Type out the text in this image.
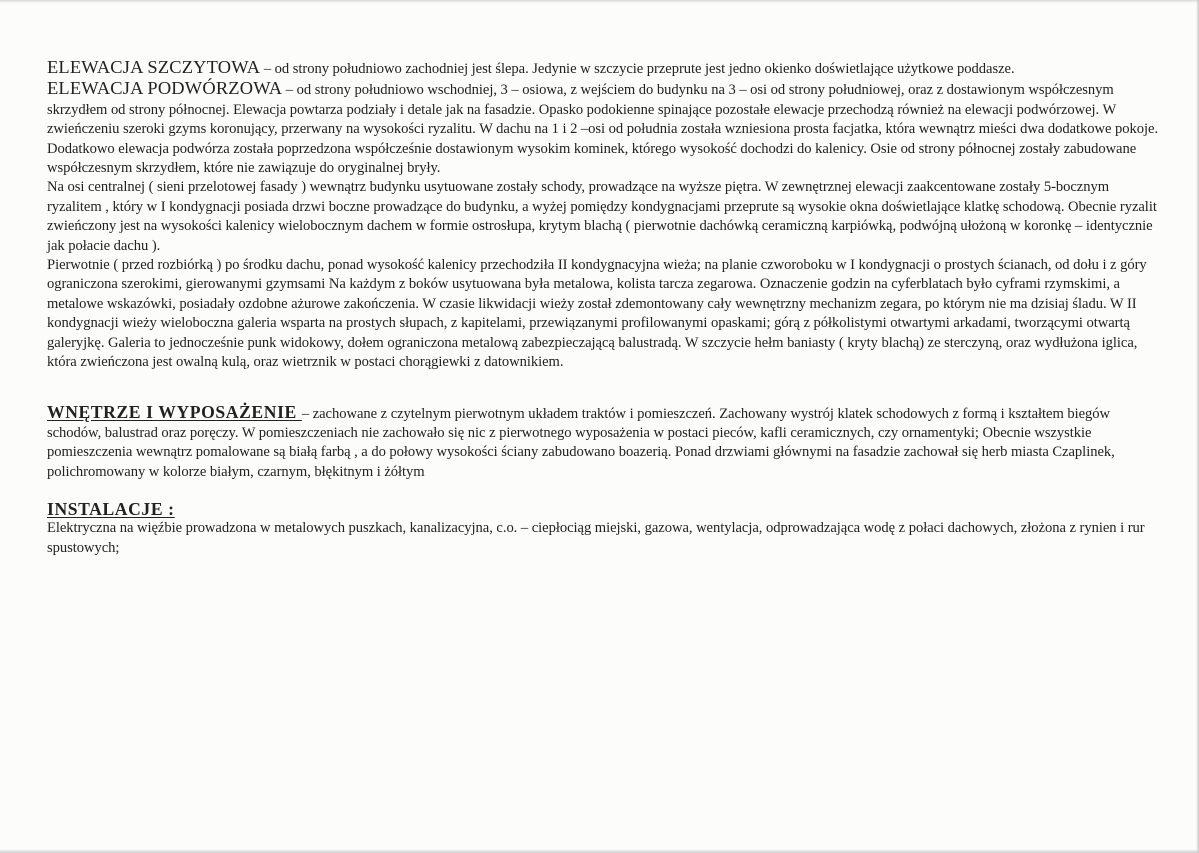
ELEWACJA SZCZYTOWA – od strony południowo zachodniej jest ślepa. Jedynie w szczycie przeprute jest jedno okienko doświetlające użytkowe poddasze.

ELEWACJA PODWÓRZOWA – od strony południowo wschodniej, 3 – osiowa, z wejściem do budynku na 3 – osi od strony południowej, oraz z dostawionym współczesnym skrzydłem od strony północnej. Elewacja powtarza podziały i detale jak na fasadzie. Opasko podokienne spinające pozostałe elewacje przechodzą również na elewacji podwórzowej. W zwieńczeniu szeroki gzyms koronujący, przerwany na wysokości ryzalitu. W dachu na 1 i 2 –osi od południa została wzniesiona prosta facjatka, która wewnątrz mieści dwa dodatkowe pokoje. Dodatkowo elewacja podwórza została poprzedzona współcześnie dostawionym wysokim kominek, którego wysokość dochodzi do kalenicy. Osie od strony północnej zostały zabudowane współczesnym skrzydłem, które nie zawiązuje do oryginalnej bryły.

Na osi centralnej ( sieni przelotowej fasady ) wewnątrz budynku usytuowane zostały schody, prowadzące na wyższe piętra. W zewnętrznej elewacji zaakcentowane zostały 5-bocznym ryzalitem , który w I kondygnacji posiada drzwi boczne prowadzące do budynku, a wyżej pomiędzy kondygnacjami przeprute są wysokie okna doświetlające klatkę schodową. Obecnie ryzalit zwieńczony jest na wysokości kalenicy wielobocznym dachem w formie ostrosłupa, krytym blachą ( pierwotnie dachówką ceramiczną karpiówką, podwójną ułożoną w koronkę – identycznie jak połacie dachu ).

Pierwotnie ( przed rozbiórką ) po środku dachu, ponad wysokość kalenicy przechodziła II kondygnacyjna wieża; na planie czworoboku w I kondygnacji o prostych ścianach, od dołu i z góry ograniczona szerokimi, gierowanymi gzymsami Na każdym z boków usytuowana była metalowa, kolista tarcza zegarowa. Oznaczenie godzin na cyferblatach było cyframi rzymskimi, a metalowe wskazówki, posiadały ozdobne ażurowe zakończenia. W czasie likwidacji wieży został zdemontowany cały wewnętrzny mechanizm zegara, po którym nie ma dzisiaj śladu. W II kondygnacji wieży wieloboczna galeria wsparta na prostych słupach, z kapitelami, przewiązanymi profilowanymi opaskami; górą z półkolistymi otwartymi arkadami, tworzącymi otwartą galeryjkę. Galeria to jednocześnie punk widokowy, dołem ograniczona metalową zabezpieczającą balustradą. W szczycie hełm baniasty ( kryty blachą) ze sterczyną, oraz wydłużona iglica, która zwieńczona jest owalną kulą, oraz wietrznik w postaci chorągiewki z datownikiem.

WNĘTRZE I WYPOSAŻENIE – zachowane z czytelnym pierwotnym układem traktów i pomieszczeń. Zachowany wystrój klatek schodowych z formą i kształtem biegów schodów, balustrad oraz poręczy. W pomieszczeniach nie zachowało się nic z pierwotnego wyposażenia w postaci pieców, kafli ceramicznych, czy ornamentyki; Obecnie wszystkie pomieszczenia wewnątrz pomalowane są białą farbą , a do połowy wysokości ściany zabudowano boazerią. Ponad drzwiami głównymi na fasadzie zachował się herb miasta Czaplinek, polichromowany w kolorze białym, czarnym, błękitnym i żółtym

INSTALACJE :

Elektryczna na więźbie prowadzona w metalowych puszkach, kanalizacyjna, c.o. – ciepłociąg miejski, gazowa, wentylacja, odprowadzająca wodę z połaci dachowych, złożona z rynien i rur spustowych;
